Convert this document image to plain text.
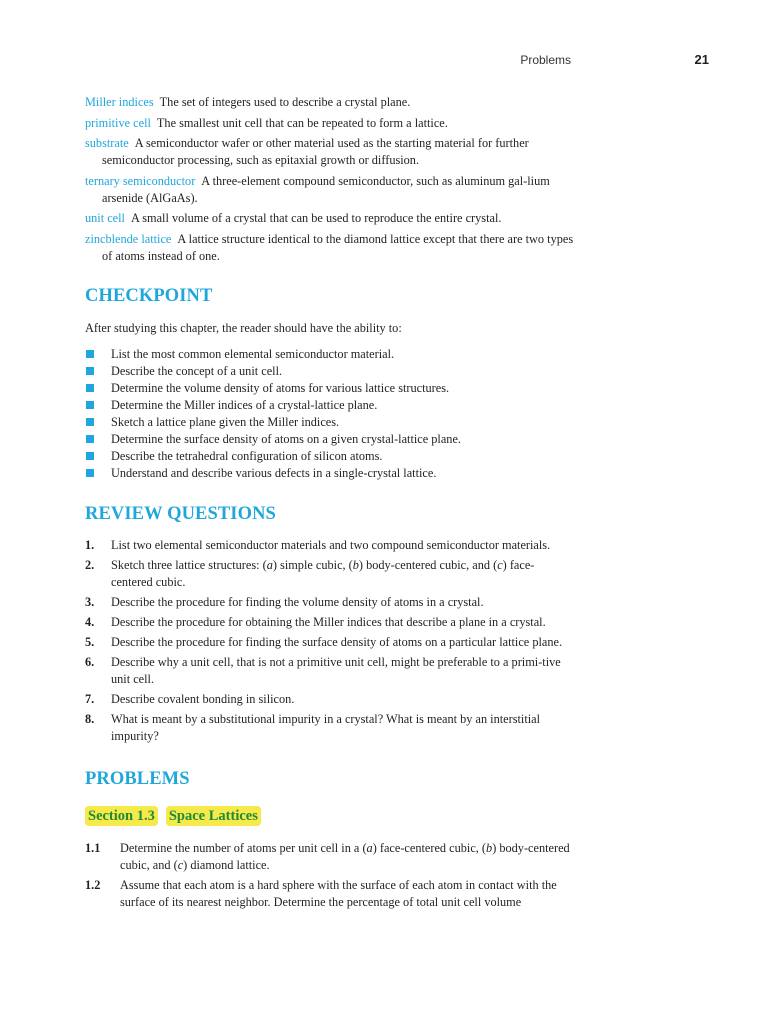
Problems	21

Miller indices The set of integers used to describe a crystal plane.

primitive cell The smallest unit cell that can be repeated to form a lattice.

substrate A semiconductor wafer or other material used as the starting material for further semiconductor processing, such as epitaxial growth or diffusion.

ternary semiconductor A three-element compound semiconductor, such as aluminum gal-lium arsenide (AlGaAs).

unit cell A small volume of a crystal that can be used to reproduce the entire crystal.

zincblende lattice A lattice structure identical to the diamond lattice except that there are two types of atoms instead of one.

CHECKPOINT

After studying this chapter, the reader should have the ability to:

List the most common elemental semiconductor material.
Describe the concept of a unit cell.
Determine the volume density of atoms for various lattice structures.
Determine the Miller indices of a crystal-lattice plane.
Sketch a lattice plane given the Miller indices.
Determine the surface density of atoms on a given crystal-lattice plane.
Describe the tetrahedral configuration of silicon atoms.
Understand and describe various defects in a single-crystal lattice.
REVIEW QUESTIONS
1. List two elemental semiconductor materials and two compound semiconductor materials.
2. Sketch three lattice structures: (a) simple cubic, (b) body-centered cubic, and (c) face-centered cubic.
3. Describe the procedure for finding the volume density of atoms in a crystal.
4. Describe the procedure for obtaining the Miller indices that describe a plane in a crystal.
5. Describe the procedure for finding the surface density of atoms on a particular lattice plane.
6. Describe why a unit cell, that is not a primitive unit cell, might be preferable to a primi-tive unit cell.
7. Describe covalent bonding in silicon.
8. What is meant by a substitutional impurity in a crystal? What is meant by an interstitial impurity?
PROBLEMS
Section 1.3 Space Lattices
1.1 Determine the number of atoms per unit cell in a (a) face-centered cubic, (b) body-centered cubic, and (c) diamond lattice.
1.2 Assume that each atom is a hard sphere with the surface of each atom in contact with the surface of its nearest neighbor. Determine the percentage of total unit cell volume
